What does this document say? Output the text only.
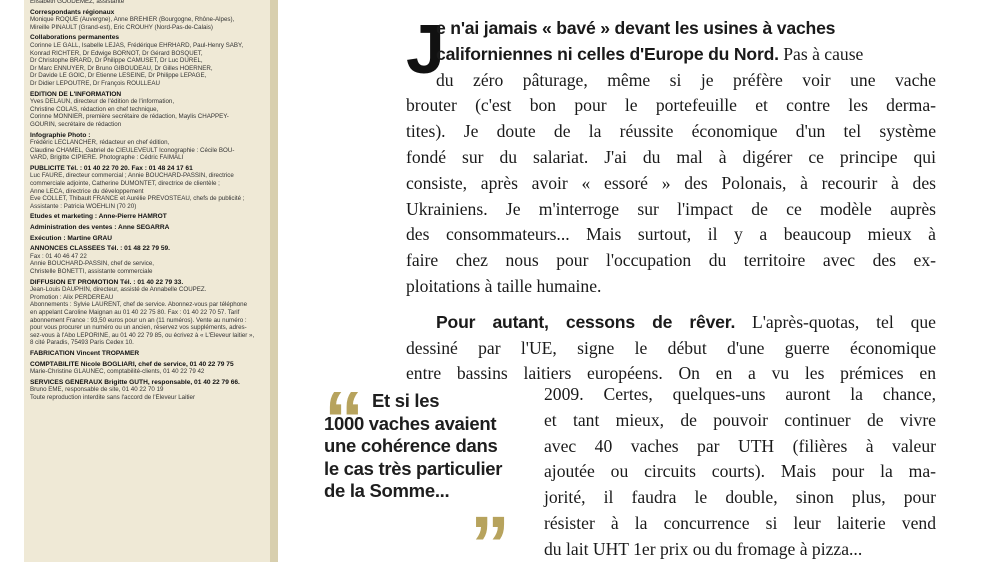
Elisabeth GOUDEMEZ, assistante
Correspondants régionaux
Monique ROQUE (Auvergne), Anne BREHIER (Bourgogne, Rhône-Alpes),
Mireille PINAULT (Grand-est), Eric CROUHY (Nord-Pas-de-Calais)
Collaborations permanentes
Corinne LE GALL, Isabelle LEJAS, Frédérique EHRHARD, Paul-Henry SABY,
Konrad RICHTER, Dr Edwige BORNOT, Dr Gérard BOSQUET,
Dr Christophe BRARD, Dr Philippe CAMUSET, Dr Luc DUREL,
Dr Marc ENNUYER, Dr Bruno GIBOUDEAU, Dr Gilles HOERNER,
Dr Davide LE GOIC, Dr Etienne LESEINE, Dr Philippe LEPAGE,
Dr Didier LEPOUTRE, Dr François ROULLEAU
ÉDITION DE L'INFORMATION
Yves DELAUN, directeur de l'édition de l'information,
Christine COLAS, rédaction en chef technique,
Corinne MONNIER, première secrétaire de rédaction, Maylis CHAPPEY-
GOURIN, secrétaire de rédaction
Infographie Photo :
Frédéric LECLANCHER, rédacteur en chef édition,
Claudine CHAMEL, Gabriel de CIEULEVEULT Iconographie : Cécile BOU-
VARD, Brigitte CIPIERE. Photographe : Cédric FAIMALI
PUBLICITÉ Tél. : 01 40 22 70 20. Fax : 01 48 24 17 61
Luc FAURE, directeur commercial ; Annie BOUCHARD-PASSIN, directrice
commerciale adjointe, Catherine DUMONTET, directrice de clientèle ;
Anne LECA, directrice du développement
Eve COLLET, Thibault FRANCE et Aurélie PRÉVOSTEAU, chefs de publicité ;
Assistante : Patricia WOEHLIN (70 20)
Études et marketing : Anne-Pierre HAMROT
Administration des ventes : Anne SEGARRA
Exécution : Martine GRAU
ANNONCES CLASSÉES Tél. : 01 48 22 79 59.
Fax : 01 40 46 47 22
Annie BOUCHARD-PASSIN, chef de service,
Christelle BONETTI, assistante commerciale
DIFFUSION ET PROMOTION Tél. : 01 40 22 79 33.
Jean-Louis DAUPHIN, directeur, assisté de Annabelle COUPEZ.
Promotion : Alix PERDEREAU
Abonnements : Sylvie LAURENT, chef de service. Abonnez-vous par téléphone
en appelant Caroline Maignan au 01 40 22 75 80. Fax : 01 40 22 70 57. Tarif
abonnement France : 93,50 euros pour un an (11 numéros). Vente au numéro :
pour vous procurer un numéro ou un ancien, réservez vos suppléments, adres-
sez-vous à l'Abo LEPORINE, au 01 40 22 79 85, ou écrivez à « L'Éleveur laitier »,
8 cité Paradis, 75493 Paris Cedex 10.
FABRICATION Vincent TROPAMER
COMPTABILITÉ Nicole BOGLIARI, chef de service, 01 40 22 79 75
Marie-Christine GLAUNEC, comptabilité-clients, 01 40 22 79 42
SERVICES GÉNÉRAUX Brigitte GUTH, responsable, 01 40 22 79 66.
Bruno EME, responsable de site, 01 40 22 70 19
Toute reproduction interdite sans l'accord de l'Éleveur Laitier
J

e n'ai jamais « bavé » devant les usines à vaches
californiennes ni celles d'Europe du Nord. Pas à cause
du zéro pâturage, même si je préfère voir une vache
brouter (c'est bon pour le portefeuille et contre les derma-
tites). Je doute de la réussite économique d'un tel système
fondé sur du salariat. J'ai du mal à digérer ce principe qui
consiste, après avoir « essoré » des Polonais, à recourir à des
Ukrainiens. Je m'interroge sur l'impact de ce modèle auprès
des consommateurs... Mais surtout, il y a beaucoup mieux à
faire chez nous pour l'occupation du territoire avec des ex-
ploitations à taille humaine.

Pour autant, cessons de rêver. L'après-quotas, tel que
dessiné par l'UE, signe le début d'une guerre économique
entre bassins laitiers européens. On en a vu les prémices en

2009. Certes, quelques-uns auront la chance,
et tant mieux, de pouvoir continuer de vivre
avec 40 vaches par UTH (filières à valeur
ajoutée ou circuits courts). Mais pour la ma-
jorité, il faudra le double, sinon plus, pour
résister à la concurrence si leur laiterie vend
du lait UHT 1er prix ou du fromage à pizza...
“ Et si les
1000 vaches avaient
une cohérence dans
le cas très particulier
de la Somme...
”
